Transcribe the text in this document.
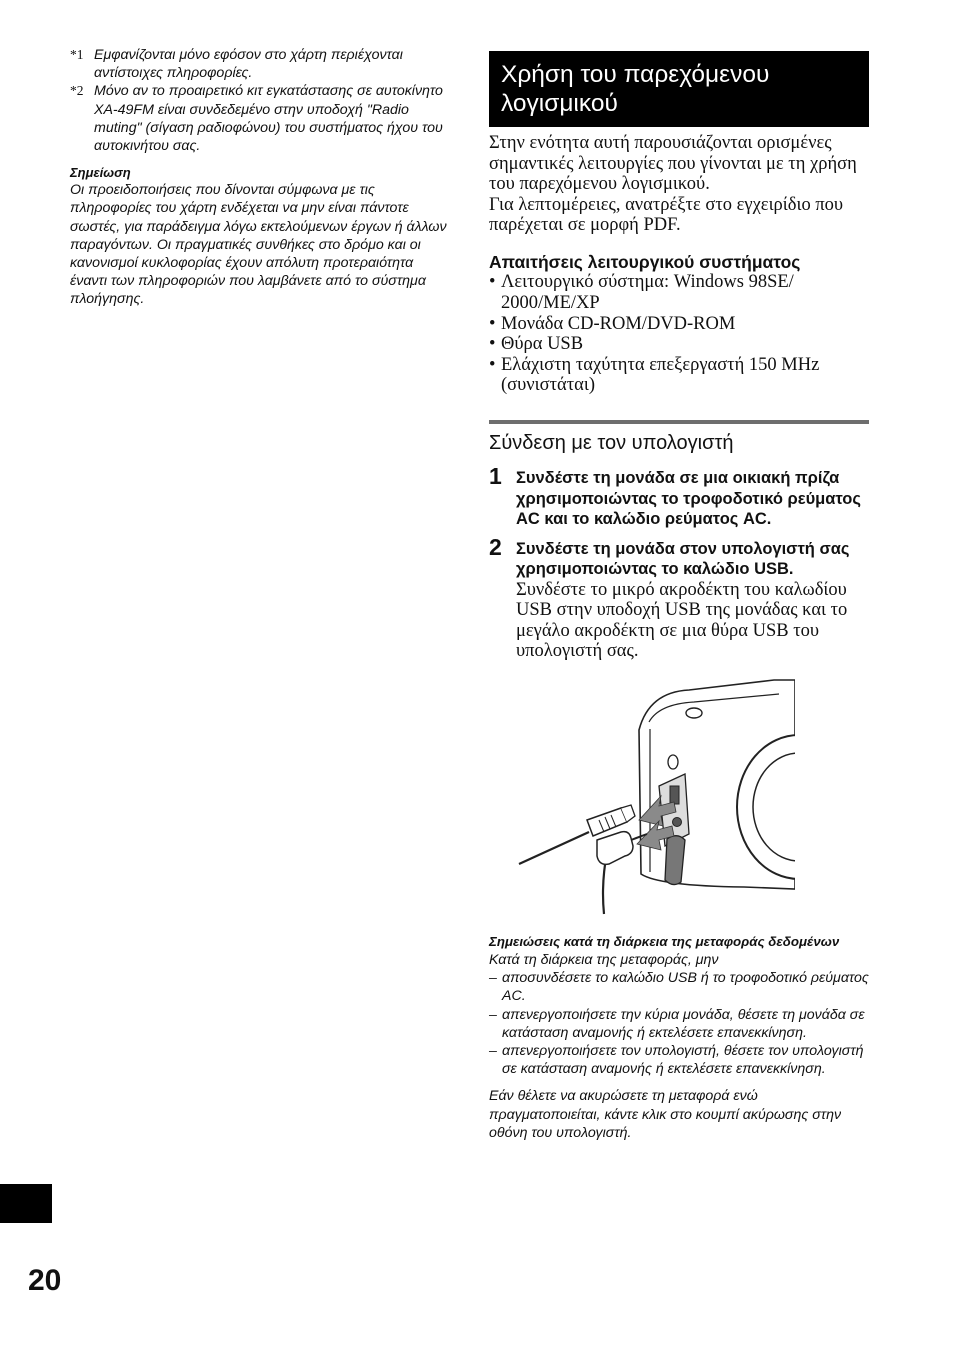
*1 Εμφανίζονται μόνο εφόσον στο χάρτη περιέχονται αντίστοιχες πληροφορίες.
*2 Μόνο αν το προαιρετικό κιτ εγκατάστασης σε αυτοκίνητο XA-49FM είναι συνδεδεμένο στην υποδοχή "Radio muting" (σίγαση ραδιοφώνου) του συστήματος ήχου του αυτοκινήτου σας.
Σημείωση

Οι προειδοποιήσεις που δίνονται σύμφωνα με τις πληροφορίες του χάρτη ενδέχεται να μην είναι πάντοτε σωστές, για παράδειγμα λόγω εκτελούμενων έργων ή άλλων παραγόντων. Οι πραγματικές συνθήκες στο δρόμο και οι κανονισμοί κυκλοφορίας έχουν απόλυτη προτεραιότητα έναντι των πληροφοριών που λαμβάνετε από το σύστημα πλοήγησης.

Χρήση του παρεχόμενου λογισμικού

Στην ενότητα αυτή παρουσιάζονται ορισμένες σημαντικές λειτουργίες που γίνονται με τη χρήση του παρεχόμενου λογισμικού.

Για λεπτομέρειες, ανατρέξτε στο εγχειρίδιο που παρέχεται σε μορφή PDF.

Απαιτήσεις λειτουργικού συστήματος

• Λειτουργικό σύστημα: Windows 98SE/ 2000/ME/XP

• Μονάδα CD-ROM/DVD-ROM

• Θύρα USB

• Ελάχιστη ταχύτητα επεξεργαστή 150 MHz (συνιστάται)

Σύνδεση με τον υπολογιστή

1 Συνδέστε τη μονάδα σε μια οικιακή πρίζα χρησιμοποιώντας το τροφοδοτικό ρεύματος AC και το καλώδιο ρεύματος AC.

2 Συνδέστε τη μονάδα στον υπολογιστή σας χρησιμοποιώντας το καλώδιο USB.

Συνδέστε το μικρό ακροδέκτη του καλωδίου USB στην υποδοχή USB της μονάδας και το μεγάλο ακροδέκτη σε μια θύρα USB του υπολογιστή σας.

Σημειώσεις κατά τη διάρκεια της μεταφοράς δεδομένων

Κατά τη διάρκεια της μεταφοράς, μην

– αποσυνδέσετε το καλώδιο USB ή το τροφοδοτικό ρεύματος AC.

– απενεργοποιήσετε την κύρια μονάδα, θέσετε τη μονάδα σε κατάσταση αναμονής ή εκτελέσετε επανεκκίνηση.

– απενεργοποιήσετε τον υπολογιστή, θέσετε τον υπολογιστή σε κατάσταση αναμονής ή εκτελέσετε επανεκκίνηση.

Εάν θέλετε να ακυρώσετε τη μεταφορά ενώ πραγματοποιείται, κάντε κλικ στο κουμπί ακύρωσης στην οθόνη του υπολογιστή.

20
